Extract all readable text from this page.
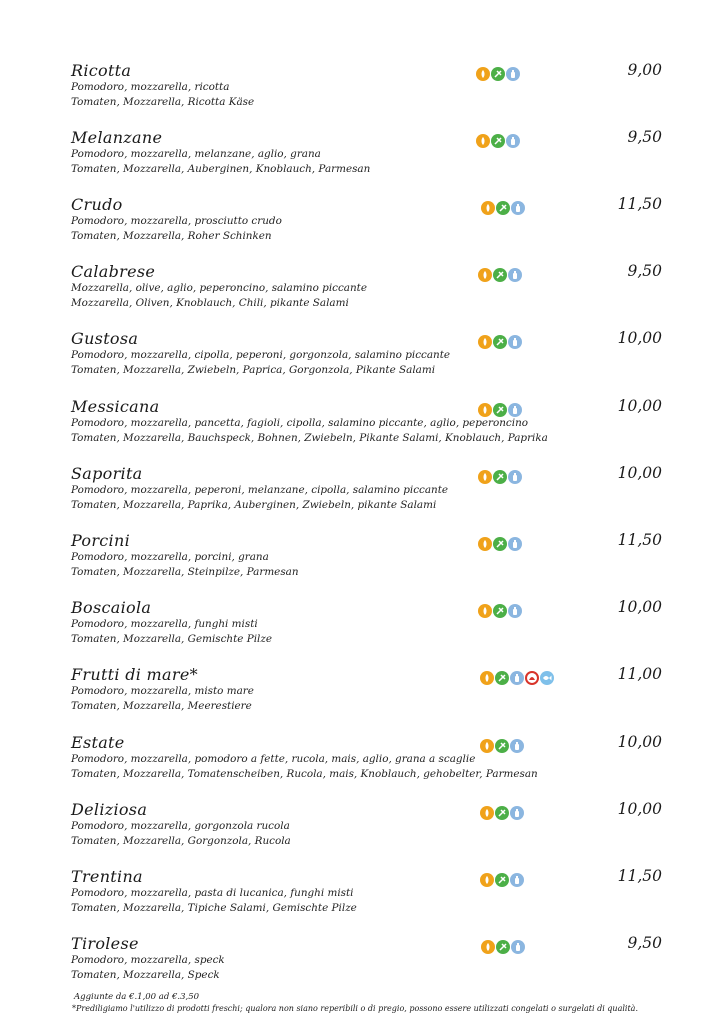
Ricotta

Pomodoro, mozzarella, ricotta

Tomaten, Mozzarella, Ricotta Käse

9,00
Melanzane

Pomodoro, mozzarella, melanzane, aglio, grana

Tomaten, Mozzarella, Auberginen, Knoblauch, Parmesan

9,50
Crudo

Pomodoro, mozzarella, prosciutto crudo

Tomaten, Mozzarella, Roher Schinken

11,50
Calabrese

Mozzarella, olive, aglio, peperoncino, salamino piccante

Mozzarella, Oliven, Knoblauch, Chili, pikante Salami

9,50
Gustosa

Pomodoro, mozzarella, cipolla, peperoni, gorgonzola, salamino piccante

Tomaten, Mozzarella, Zwiebeln, Paprica, Gorgonzola, Pikante Salami

10,00
Messicana

Pomodoro, mozzarella, pancetta, fagioli, cipolla, salamino piccante, aglio, peperoncino

Tomaten, Mozzarella, Bauchspeck, Bohnen, Zwiebeln, Pikante Salami, Knoblauch, Paprika

10,00
Saporita

Pomodoro, mozzarella, peperoni, melanzane, cipolla, salamino piccante

Tomaten, Mozzarella, Paprika, Auberginen, Zwiebeln, pikante Salami

10,00
Porcini

Pomodoro, mozzarella, porcini, grana

Tomaten, Mozzarella, Steinpilze, Parmesan

11,50
Boscaiola

Pomodoro, mozzarella, funghi misti

Tomaten, Mozzarella, Gemischte Pilze

10,00
Frutti di mare*

Pomodoro, mozzarella, misto mare

Tomaten, Mozzarella, Meerestiere

11,00
Estate

Pomodoro, mozzarella, pomodoro a fette, rucola, mais, aglio, grana a scaglie

Tomaten, Mozzarella, Tomatenscheiben, Rucola, mais, Knoblauch, gehobelter, Parmesan

10,00
Deliziosa

Pomodoro, mozzarella, gorgonzola rucola

Tomaten, Mozzarella, Gorgonzola, Rucola

10,00
Trentina

Pomodoro, mozzarella, pasta di lucanica, funghi misti

Tomaten, Mozzarella, Tipiche Salami, Gemischte Pilze

11,50
Tirolese

Pomodoro, mozzarella, speck

Tomaten, Mozzarella, Speck

9,50

Aggiunte da €.1,00 ad €.3,50

*Prediligiamo l'utilizzo di prodotti freschi; qualora non siano reperibili o di pregio, possono essere utilizzati congelati o surgelati di qualità.
